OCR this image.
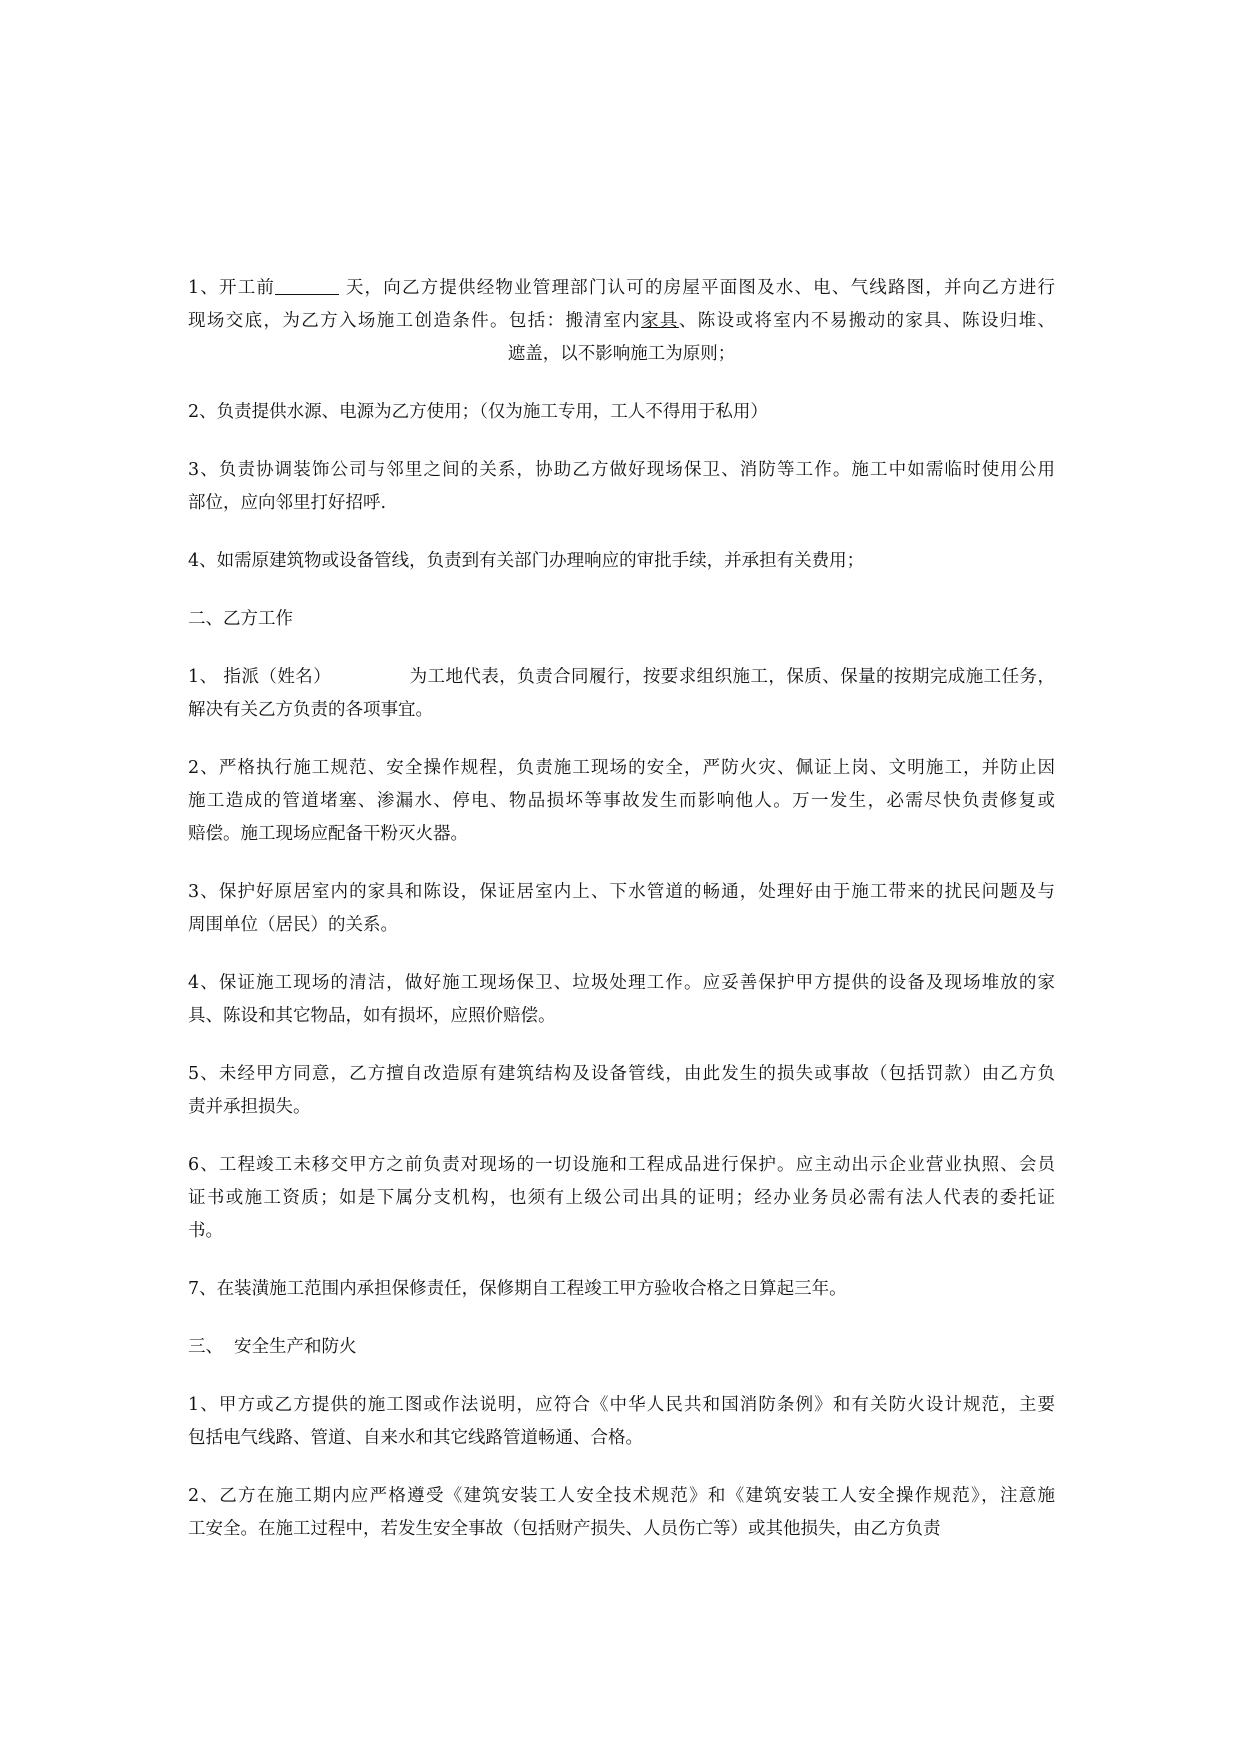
1、开工前	天，向乙方提供经物业管理部门认可的房屋平面图及水、电、气线路图，并向乙方进行
现场交底，为乙方入场施工创造条件。包括：搬清室内家具、陈设或将室内不易搬动的家具、陈设归堆、
遮盖，以不影响施工为原则；
2、负责提供水源、电源为乙方使用；（仅为施工专用，工人不得用于私用）
3、负责协调装饰公司与邻里之间的关系，协助乙方做好现场保卫、消防等工作。施工中如需临时使用公用
部位，应向邻里打好招呼.
4、如需原建筑物或设备管线，负责到有关部门办理响应的审批手续，并承担有关费用；
二、乙方工作
1、 指派（姓名）	为工地代表，负责合同履行，按要求组织施工，保质、保量的按期完成施工任务，
解决有关乙方负责的各项事宜。
2、严格执行施工规范、安全操作规程，负责施工现场的安全，严防火灾、佩证上岗、文明施工，并防止因
施工造成的管道堵塞、渗漏水、停电、物品损坏等事故发生而影响他人。万一发生，必需尽快负责修复或
赔偿。施工现场应配备干粉灭火器。
3、保护好原居室内的家具和陈设，保证居室内上、下水管道的畅通，处理好由于施工带来的扰民问题及与
周围单位（居民）的关系。
4、保证施工现场的清洁，做好施工现场保卫、垃圾处理工作。应妥善保护甲方提供的设备及现场堆放的家
具、陈设和其它物品，如有损坏，应照价赔偿。
5、未经甲方同意，乙方擅自改造原有建筑结构及设备管线，由此发生的损失或事故（包括罚款）由乙方负
责并承担损失。
6、工程竣工未移交甲方之前负责对现场的一切设施和工程成品进行保护。应主动出示企业营业执照、会员
证书或施工资质；如是下属分支机构，也须有上级公司出具的证明；经办业务员必需有法人代表的委托证
书。
7、在装潢施工范围内承担保修责任，保修期自工程竣工甲方验收合格之日算起三年。
三、 安全生产和防火
1、甲方或乙方提供的施工图或作法说明，应符合《中华人民共和国消防条例》和有关防火设计规范，主要
包括电气线路、管道、自来水和其它线路管道畅通、合格。
2、乙方在施工期内应严格遵受《建筑安装工人安全技术规范》和《建筑安装工人安全操作规范》，注意施
工安全。在施工过程中，若发生安全事故（包括财产损失、人员伤亡等）或其他损失，由乙方负责
